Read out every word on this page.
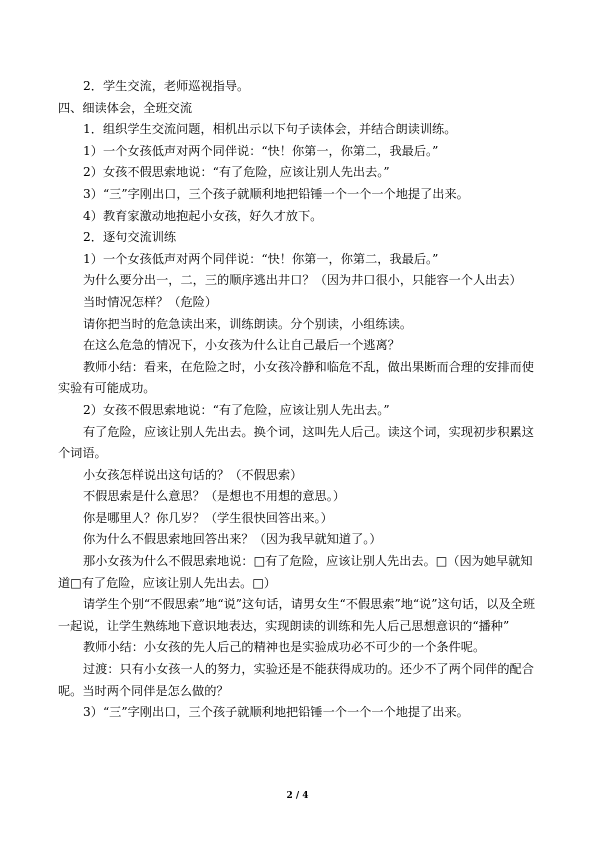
2．学生交流，老师巡视指导。
四、细读体会，全班交流
1．组织学生交流问题，相机出示以下句子读体会，并结合朗读训练。
1）一个女孩低声对两个同伴说：“快！你第一，你第二，我最后。”
2）女孩不假思索地说：“有了危险，应该让别人先出去。”
3）“三”字刚出口，三个孩子就顺利地把铅锤一个一个一个地提了出来。
4）教育家激动地抱起小女孩，好久才放下。
2．逐句交流训练
1）一个女孩低声对两个同伴说：“快！你第一，你第二，我最后。”
为什么要分出一，二，三的顺序逃出井口？（因为井口很小，只能容一个人出去）
当时情况怎样？（危险）
请你把当时的危急读出来，训练朗读。分个别读，小组练读。
在这么危急的情况下，小女孩为什么让自己最后一个逃离？
教师小结：看来，在危险之时，小女孩冷静和临危不乱，做出果断而合理的安排而使实验有可能成功。
2）女孩不假思索地说：“有了危险，应该让别人先出去。”
有了危险，应该让别人先出去。换个词，这叫先人后己。读这个词，实现初步积累这个词语。
小女孩怎样说出这句话的？（不假思索）
不假思索是什么意思？（是想也不用想的意思。）
你是哪里人？你几岁？（学生很快回答出来。）
你为什么不假思索地回答出来？（因为我早就知道了。）
那小女孩为什么不假思索地说：□有了危险，应该让别人先出去。□（因为她早就知道□有了危险，应该让别人先出去。□）
请学生个别“不假思索”地“说”这句话，请男女生“不假思索”地“说”这句话，以及全班一起说，让学生熟练地下意识地表达，实现朗读的训练和先人后己思想意识的“播种”
教师小结：小女孩的先人后己的精神也是实验成功必不可少的一个条件呢。
过渡：只有小女孩一人的努力，实验还是不能获得成功的。还少不了两个同伴的配合呢。当时两个同伴是怎么做的？
3）“三”字刚出口，三个孩子就顺利地把铅锤一个一个一个地提了出来。
2 / 4
